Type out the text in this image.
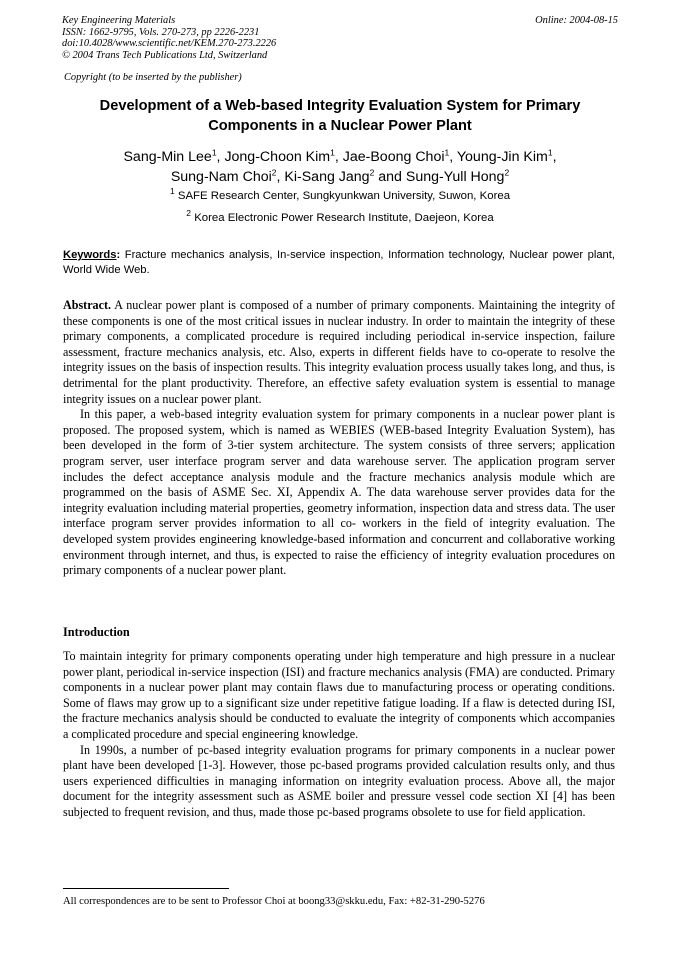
Key Engineering Materials
ISSN: 1662-9795, Vols. 270-273, pp 2226-2231
doi:10.4028/www.scientific.net/KEM.270-273.2226
© 2004 Trans Tech Publications Ltd, Switzerland
Online: 2004-08-15
Copyright (to be inserted by the publisher)
Development of a Web-based Integrity Evaluation System for Primary Components in a Nuclear Power Plant
Sang-Min Lee$^1$, Jong-Choon Kim$^1$, Jae-Boong Choi$^1$, Young-Jin Kim$^1$,
Sung-Nam Choi$^2$, Ki-Sang Jang$^2$ and Sung-Yull Hong$^2$
$^1$ SAFE Research Center, Sungkyunkwan University, Suwon, Korea
$^2$ Korea Electronic Power Research Institute, Daejeon, Korea
Keywords: Fracture mechanics analysis, In-service inspection, Information technology, Nuclear power plant, World Wide Web.

Abstract. A nuclear power plant is composed of a number of primary components. Maintaining the integrity of these components is one of the most critical issues in nuclear industry. In order to maintain the integrity of these primary components, a complicated procedure is required including periodical in-service inspection, failure assessment, fracture mechanics analysis, etc. Also, experts in different fields have to co-operate to resolve the integrity issues on the basis of inspection results. This integrity evaluation process usually takes long, and thus, is detrimental for the plant productivity. Therefore, an effective safety evaluation system is essential to manage integrity issues on a nuclear power plant.

In this paper, a web-based integrity evaluation system for primary components in a nuclear power plant is proposed. The proposed system, which is named as WEBIES (WEB-based Integrity Evaluation System), has been developed in the form of 3-tier system architecture. The system consists of three servers; application program server, user interface program server and data warehouse server. The application program server includes the defect acceptance analysis module and the fracture mechanics analysis module which are programmed on the basis of ASME Sec. XI, Appendix A. The data warehouse server provides data for the integrity evaluation including material properties, geometry information, inspection data and stress data. The user interface program server provides information to all co- workers in the field of integrity evaluation. The developed system provides engineering knowledge-based information and concurrent and collaborative working environment through internet, and thus, is expected to raise the efficiency of integrity evaluation procedures on primary components of a nuclear power plant.

Introduction

To maintain integrity for primary components operating under high temperature and high pressure in a nuclear power plant, periodical in-service inspection (ISI) and fracture mechanics analysis (FMA) are conducted. Primary components in a nuclear power plant may contain flaws due to manufacturing process or operating conditions. Some of flaws may grow up to a significant size under repetitive fatigue loading. If a flaw is detected during ISI, the fracture mechanics analysis should be conducted to evaluate the integrity of components which accompanies a complicated procedure and special engineering knowledge.

In 1990s, a number of pc-based integrity evaluation programs for primary components in a nuclear power plant have been developed [1-3]. However, those pc-based programs provided calculation results only, and thus users experienced difficulties in managing information on integrity evaluation process. Above all, the major document for the integrity assessment such as ASME boiler and pressure vessel code section XI [4] has been subjected to frequent revision, and thus, made those pc-based programs obsolete to use for field application.

All correspondences are to be sent to Professor Choi at boong33@skku.edu, Fax: +82-31-290-5276
